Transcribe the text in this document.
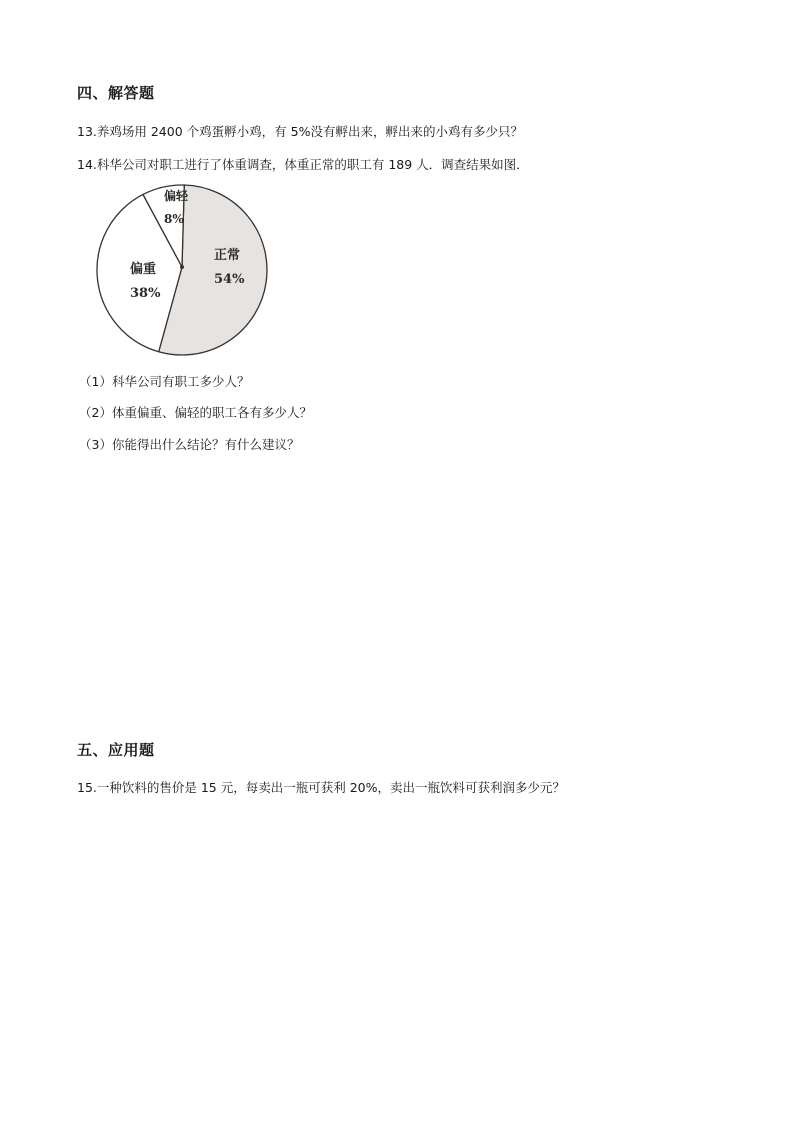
四、解答题
13.养鸡场用 2400 个鸡蛋孵小鸡，有 5%没有孵出来，孵出来的小鸡有多少只？
14.科华公司对职工进行了体重调查，体重正常的职工有 189 人．调查结果如图．
正常
54%
偏重
38%
偏轻
8%
（1）科华公司有职工多少人？
（2）体重偏重、偏轻的职工各有多少人？
（3）你能得出什么结论？有什么建议？
五、应用题
15.一种饮料的售价是 15 元，每卖出一瓶可获利 20%，卖出一瓶饮料可获利润多少元？
